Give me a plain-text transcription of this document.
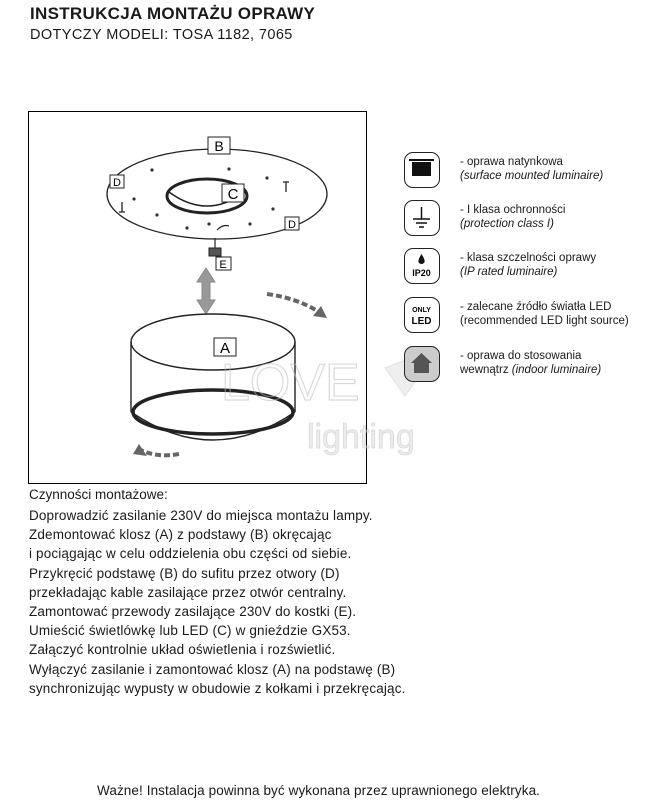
INSTRUKCJA MONTAŻU OPRAWY
DOTYCZY MODELI: TOSA 1182, 7065
B
C
D
D
E
A
LOVE
lighting
- oprawa natynkowa
(surface mounted luminaire)
- I klasa ochronności
(protection class I)
IP20
- klasa szczelności oprawy
(IP rated luminaire)
ONLY
LED
- zalecane źródło światła LED
(recommended LED light source)
- oprawa do stosowania
wewnątrz (indoor luminaire)
Czynności montażowe:
Doprowadzić zasilanie 230V do miejsca montażu lampy.
Zdemontować klosz (A) z podstawy (B) okręcając
i pociągając w celu oddzielenia obu części od siebie.
Przykręcić podstawę (B) do sufitu przez otwory (D)
przekładając kable zasilające przez otwór centralny.
Zamontować przewody zasilające 230V do kostki (E).
Umieścić świetlówkę lub LED (C) w gnieździe GX53.
Załączyć kontrolnie układ oświetlenia i rozświetlić.
Wyłączyć zasilanie i zamontować klosz (A) na podstawę (B)
synchronizując wypusty w obudowie z kołkami i przekręcając.
Ważne! Instalacja powinna być wykonana przez uprawnionego elektryka.
